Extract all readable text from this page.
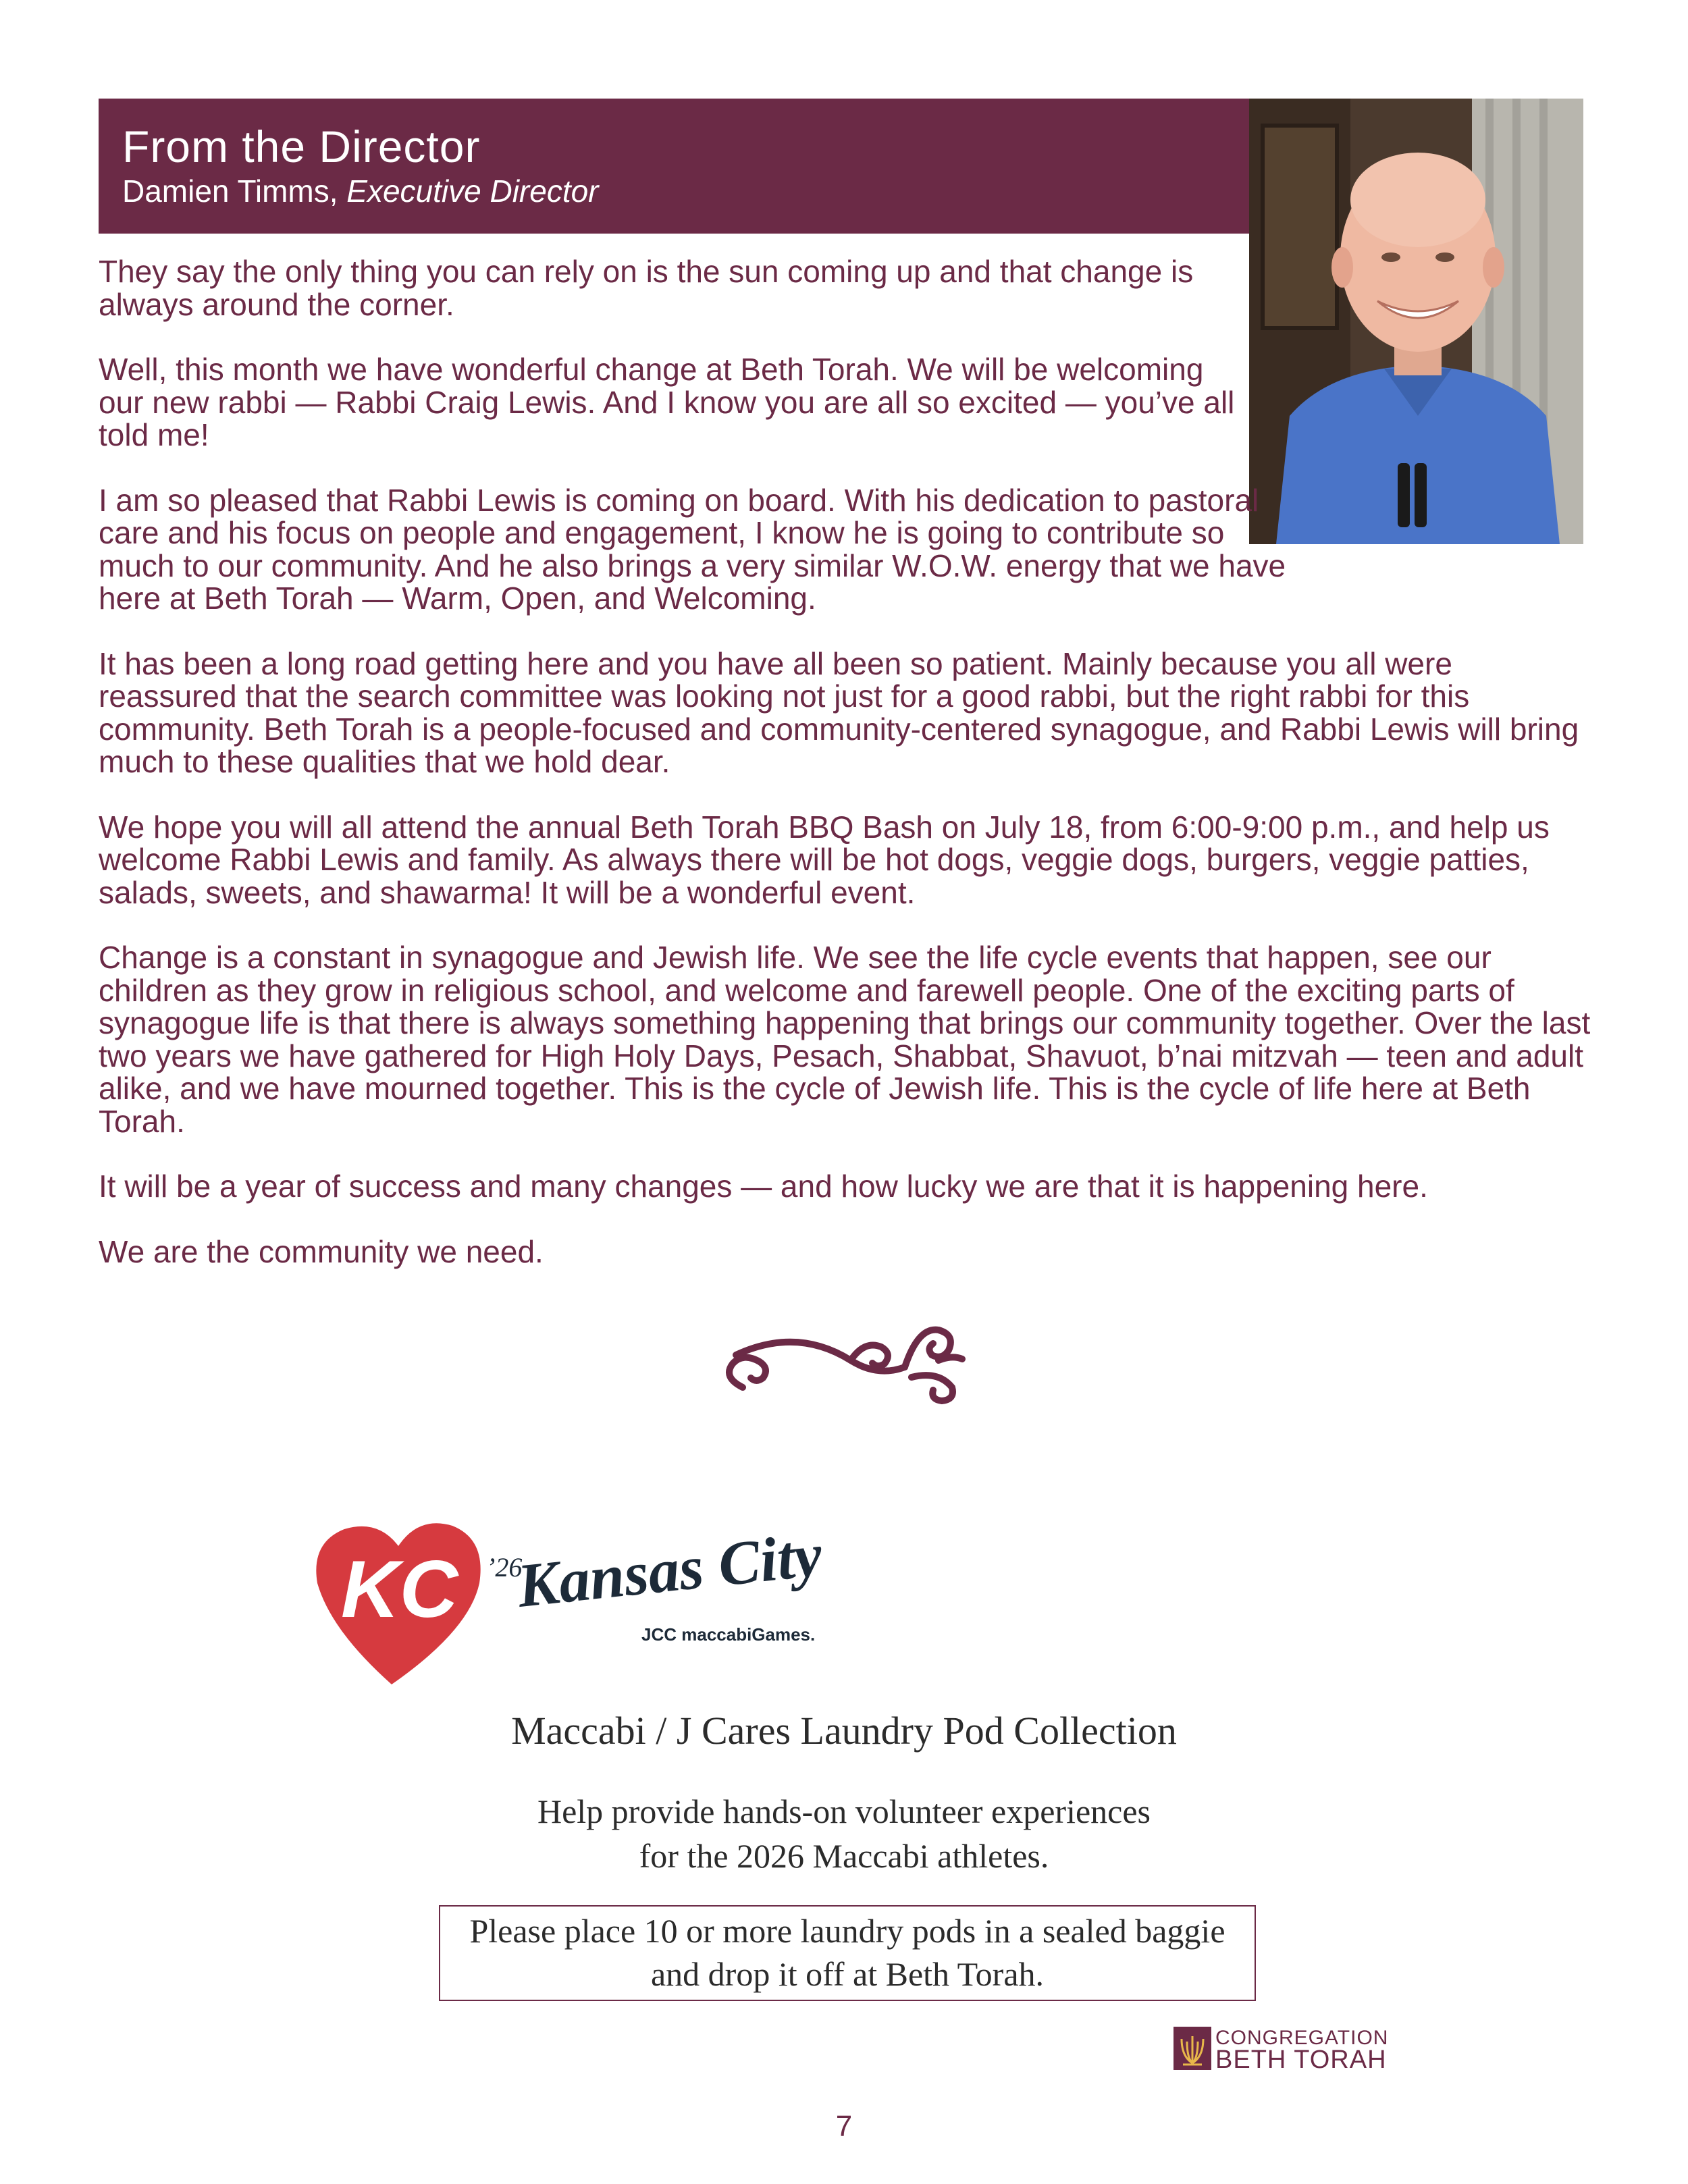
From the Director
Damien Timms, Executive Director

They say the only thing you can rely on is the sun coming up and that change is always around the corner.

Well, this month we have wonderful change at Beth Torah. We will be welcoming our new rabbi — Rabbi Craig Lewis. And I know you are all so excited — you’ve all told me!

I am so pleased that Rabbi Lewis is coming on board. With his dedication to pastoral care and his focus on people and engagement, I know he is going to contribute so much to our community. And he also brings a very similar W.O.W. energy that we have here at Beth Torah — Warm, Open, and Welcoming.

It has been a long road getting here and you have all been so patient. Mainly because you all were reassured that the search committee was looking not just for a good rabbi, but the right rabbi for this community. Beth Torah is a people-focused and community-centered synagogue, and Rabbi Lewis will bring much to these qualities that we hold dear.

We hope you will all attend the annual Beth Torah BBQ Bash on July 18, from 6:00-9:00 p.m., and help us welcome Rabbi Lewis and family. As always there will be hot dogs, veggie dogs, burgers, veggie patties, salads, sweets, and shawarma! It will be a wonderful event.

Change is a constant in synagogue and Jewish life. We see the life cycle events that happen, see our children as they grow in religious school, and welcome and farewell people. One of the exciting parts of synagogue life is that there is always something happening that brings our community together. Over the last two years we have gathered for High Holy Days, Pesach, Shabbat, Shavuot, b’nai mitzvah — teen and adult alike, and we have mourned together. This is the cycle of Jewish life. This is the cycle of life here at Beth Torah.

It will be a year of success and many changes — and how lucky we are that it is happening here.

We are the community we need.

KC ’26
Kansas City
JCC maccabiGames.
Maccabi / J Cares Laundry Pod Collection
Help provide hands-on volunteer experiences
for the 2026 Maccabi athletes.
Please place 10 or more laundry pods in a sealed baggie
and drop it off at Beth Torah.
CONGREGATION
BETH TORAH
7
